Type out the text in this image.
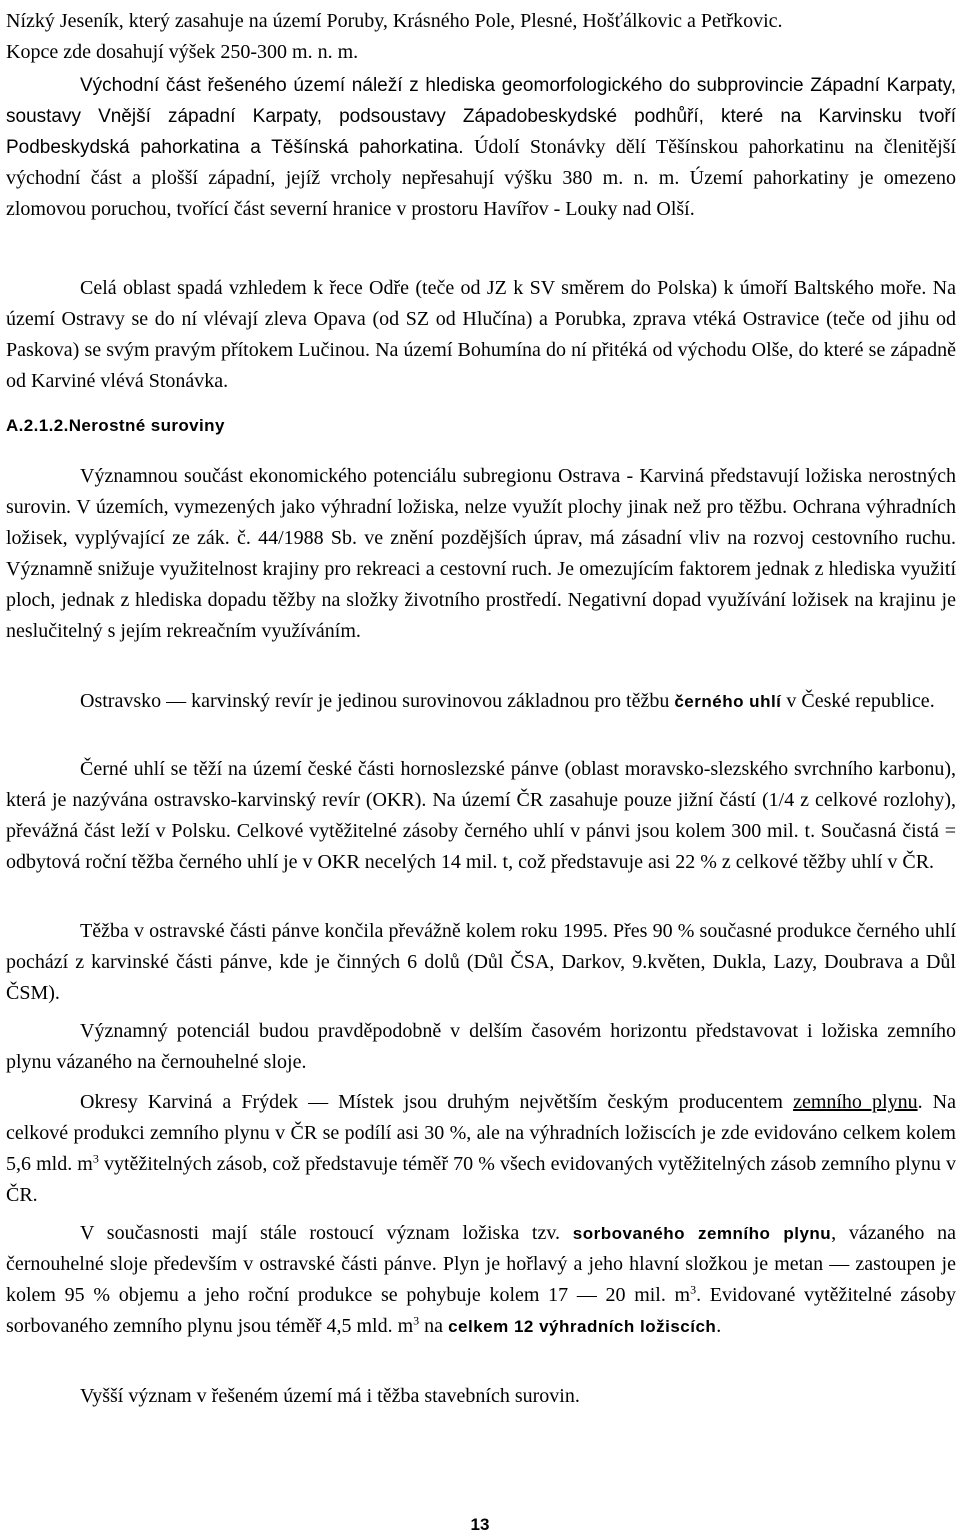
Nízký Jeseník, který zasahuje na území Poruby, Krásného Pole, Plesné, Hošťálkovic a Petřkovic.
Kopce zde dosahují výšek 250-300 m. n. m.

Východní část řešeného území náleží z hlediska geomorfologického do subprovincie Západní Karpaty, soustavy Vnější západní Karpaty, podsoustavy Západobeskydské podhůří, které na Karvinsku tvoří Podbeskydská pahorkatina a Těšínská pahorkatina. Údolí Stonávky dělí Těšínskou pahorkatinu na členitější východní část a plošší západní, jejíž vrcholy nepřesahují výšku 380 m. n. m. Území pahorkatiny je omezeno zlomovou poruchou, tvořící část severní hranice v prostoru Havířov - Louky nad Olší.

Celá oblast spadá vzhledem k řece Odře (teče od JZ k SV směrem do Polska) k úmoří Baltského moře. Na území Ostravy se do ní vlévají zleva Opava (od SZ od Hlučína) a Porubka, zprava vtéká Ostravice (teče od jihu od Paskova) se svým pravým přítokem Lučinou. Na území Bohumína do ní přitéká od východu Olše, do které se západně od Karviné vlévá Stonávka.

A.2.1.2.Nerostné suroviny

Významnou součást ekonomického potenciálu subregionu Ostrava - Karviná představují ložiska nerostných surovin. V územích, vymezených jako výhradní ložiska, nelze využít plochy jinak než pro těžbu. Ochrana výhradních ložisek, vyplývající ze zák. č. 44/1988 Sb. ve znění pozdějších úprav, má zásadní vliv na rozvoj cestovního ruchu. Významně snižuje využitelnost krajiny pro rekreaci a cestovní ruch. Je omezujícím faktorem jednak z hlediska využití ploch, jednak z hlediska dopadu těžby na složky životního prostředí. Negativní dopad využívání ložisek na krajinu je neslučitelný s jejím rekreačním využíváním.

Ostravsko — karvinský revír je jedinou surovinovou základnou pro těžbu černého uhlí v České republice.

Černé uhlí se těží na území české části hornoslezské pánve (oblast moravsko-slezského svrchního karbonu), která je nazývána ostravsko-karvinský revír (OKR). Na území ČR zasahuje pouze jižní částí (1/4 z celkové rozlohy), převážná část leží v Polsku. Celkové vytěžitelné zásoby černého uhlí v pánvi jsou kolem 300 mil. t. Současná čistá = odbytová roční těžba černého uhlí je v OKR necelých 14 mil. t, což představuje asi 22 % z celkové těžby uhlí v ČR.

Těžba v ostravské části pánve končila převážně kolem roku 1995. Přes 90 % současné produkce černého uhlí pochází z karvinské části pánve, kde je činných 6 dolů (Důl ČSA, Darkov, 9.květen, Dukla, Lazy, Doubrava a Důl ČSM).

Významný potenciál budou pravděpodobně v delším časovém horizontu představovat i ložiska zemního plynu vázaného na černouhelné sloje.

Okresy Karviná a Frýdek — Místek jsou druhým největším českým producentem zemního plynu. Na celkové produkci zemního plynu v ČR se podílí asi 30 %, ale na výhradních ložiscích je zde evidováno celkem kolem 5,6 mld. $m^3$ vytěžitelných zásob, což představuje téměř 70 % všech evidovaných vytěžitelných zásob zemního plynu v ČR.

V současnosti mají stále rostoucí význam ložiska tzv. sorbovaného zemního plynu, vázaného na černouhelné sloje především v ostravské části pánve. Plyn je hořlavý a jeho hlavní složkou je metan — zastoupen je kolem 95 % objemu a jeho roční produkce se pohybuje kolem 17 — 20 mil. $m^3$. Evidované vytěžitelné zásoby sorbovaného zemního plynu jsou téměř 4,5 mld. $m^3$ na celkem 12 výhradních ložiscích.

Vyšší význam v řešeném území má i těžba stavebních surovin.

13
